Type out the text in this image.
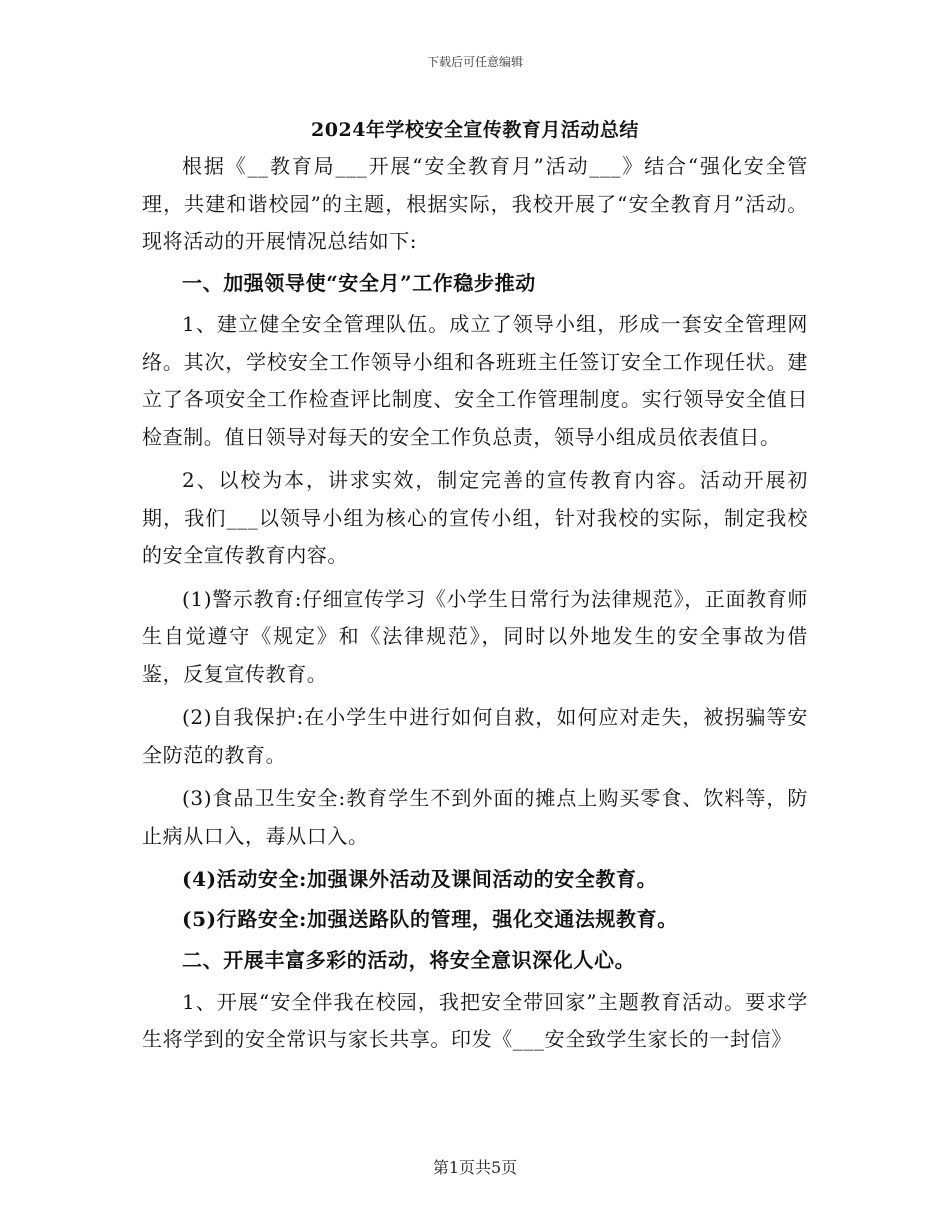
下载后可任意编辑
2024年学校安全宣传教育月活动总结

根据《__教育局___开展“安全教育月”活动___》结合“强化安全管理，共建和谐校园”的主题，根据实际，我校开展了“安全教育月”活动。现将活动的开展情况总结如下:

一、加强领导使“安全月”工作稳步推动

1、建立健全安全管理队伍。成立了领导小组，形成一套安全管理网络。其次，学校安全工作领导小组和各班班主任签订安全工作现任状。建立了各项安全工作检查评比制度、安全工作管理制度。实行领导安全值日检查制。值日领导对每天的安全工作负总责，领导小组成员依表值日。

2、以校为本，讲求实效，制定完善的宣传教育内容。活动开展初期，我们___以领导小组为核心的宣传小组，针对我校的实际，制定我校的安全宣传教育内容。

(1)警示教育:仔细宣传学习《小学生日常行为法律规范》，正面教育师生自觉遵守《规定》和《法律规范》，同时以外地发生的安全事故为借鉴，反复宣传教育。

(2)自我保护:在小学生中进行如何自救，如何应对走失，被拐骗等安全防范的教育。

(3)食品卫生安全:教育学生不到外面的摊点上购买零食、饮料等，防止病从口入，毒从口入。

(4)活动安全:加强课外活动及课间活动的安全教育。

(5)行路安全:加强送路队的管理，强化交通法规教育。

二、开展丰富多彩的活动，将安全意识深化人心。

1、开展“安全伴我在校园，我把安全带回家”主题教育活动。要求学生将学到的安全常识与家长共享。印发《___安全致学生家长的一封信》

第1页共5页
